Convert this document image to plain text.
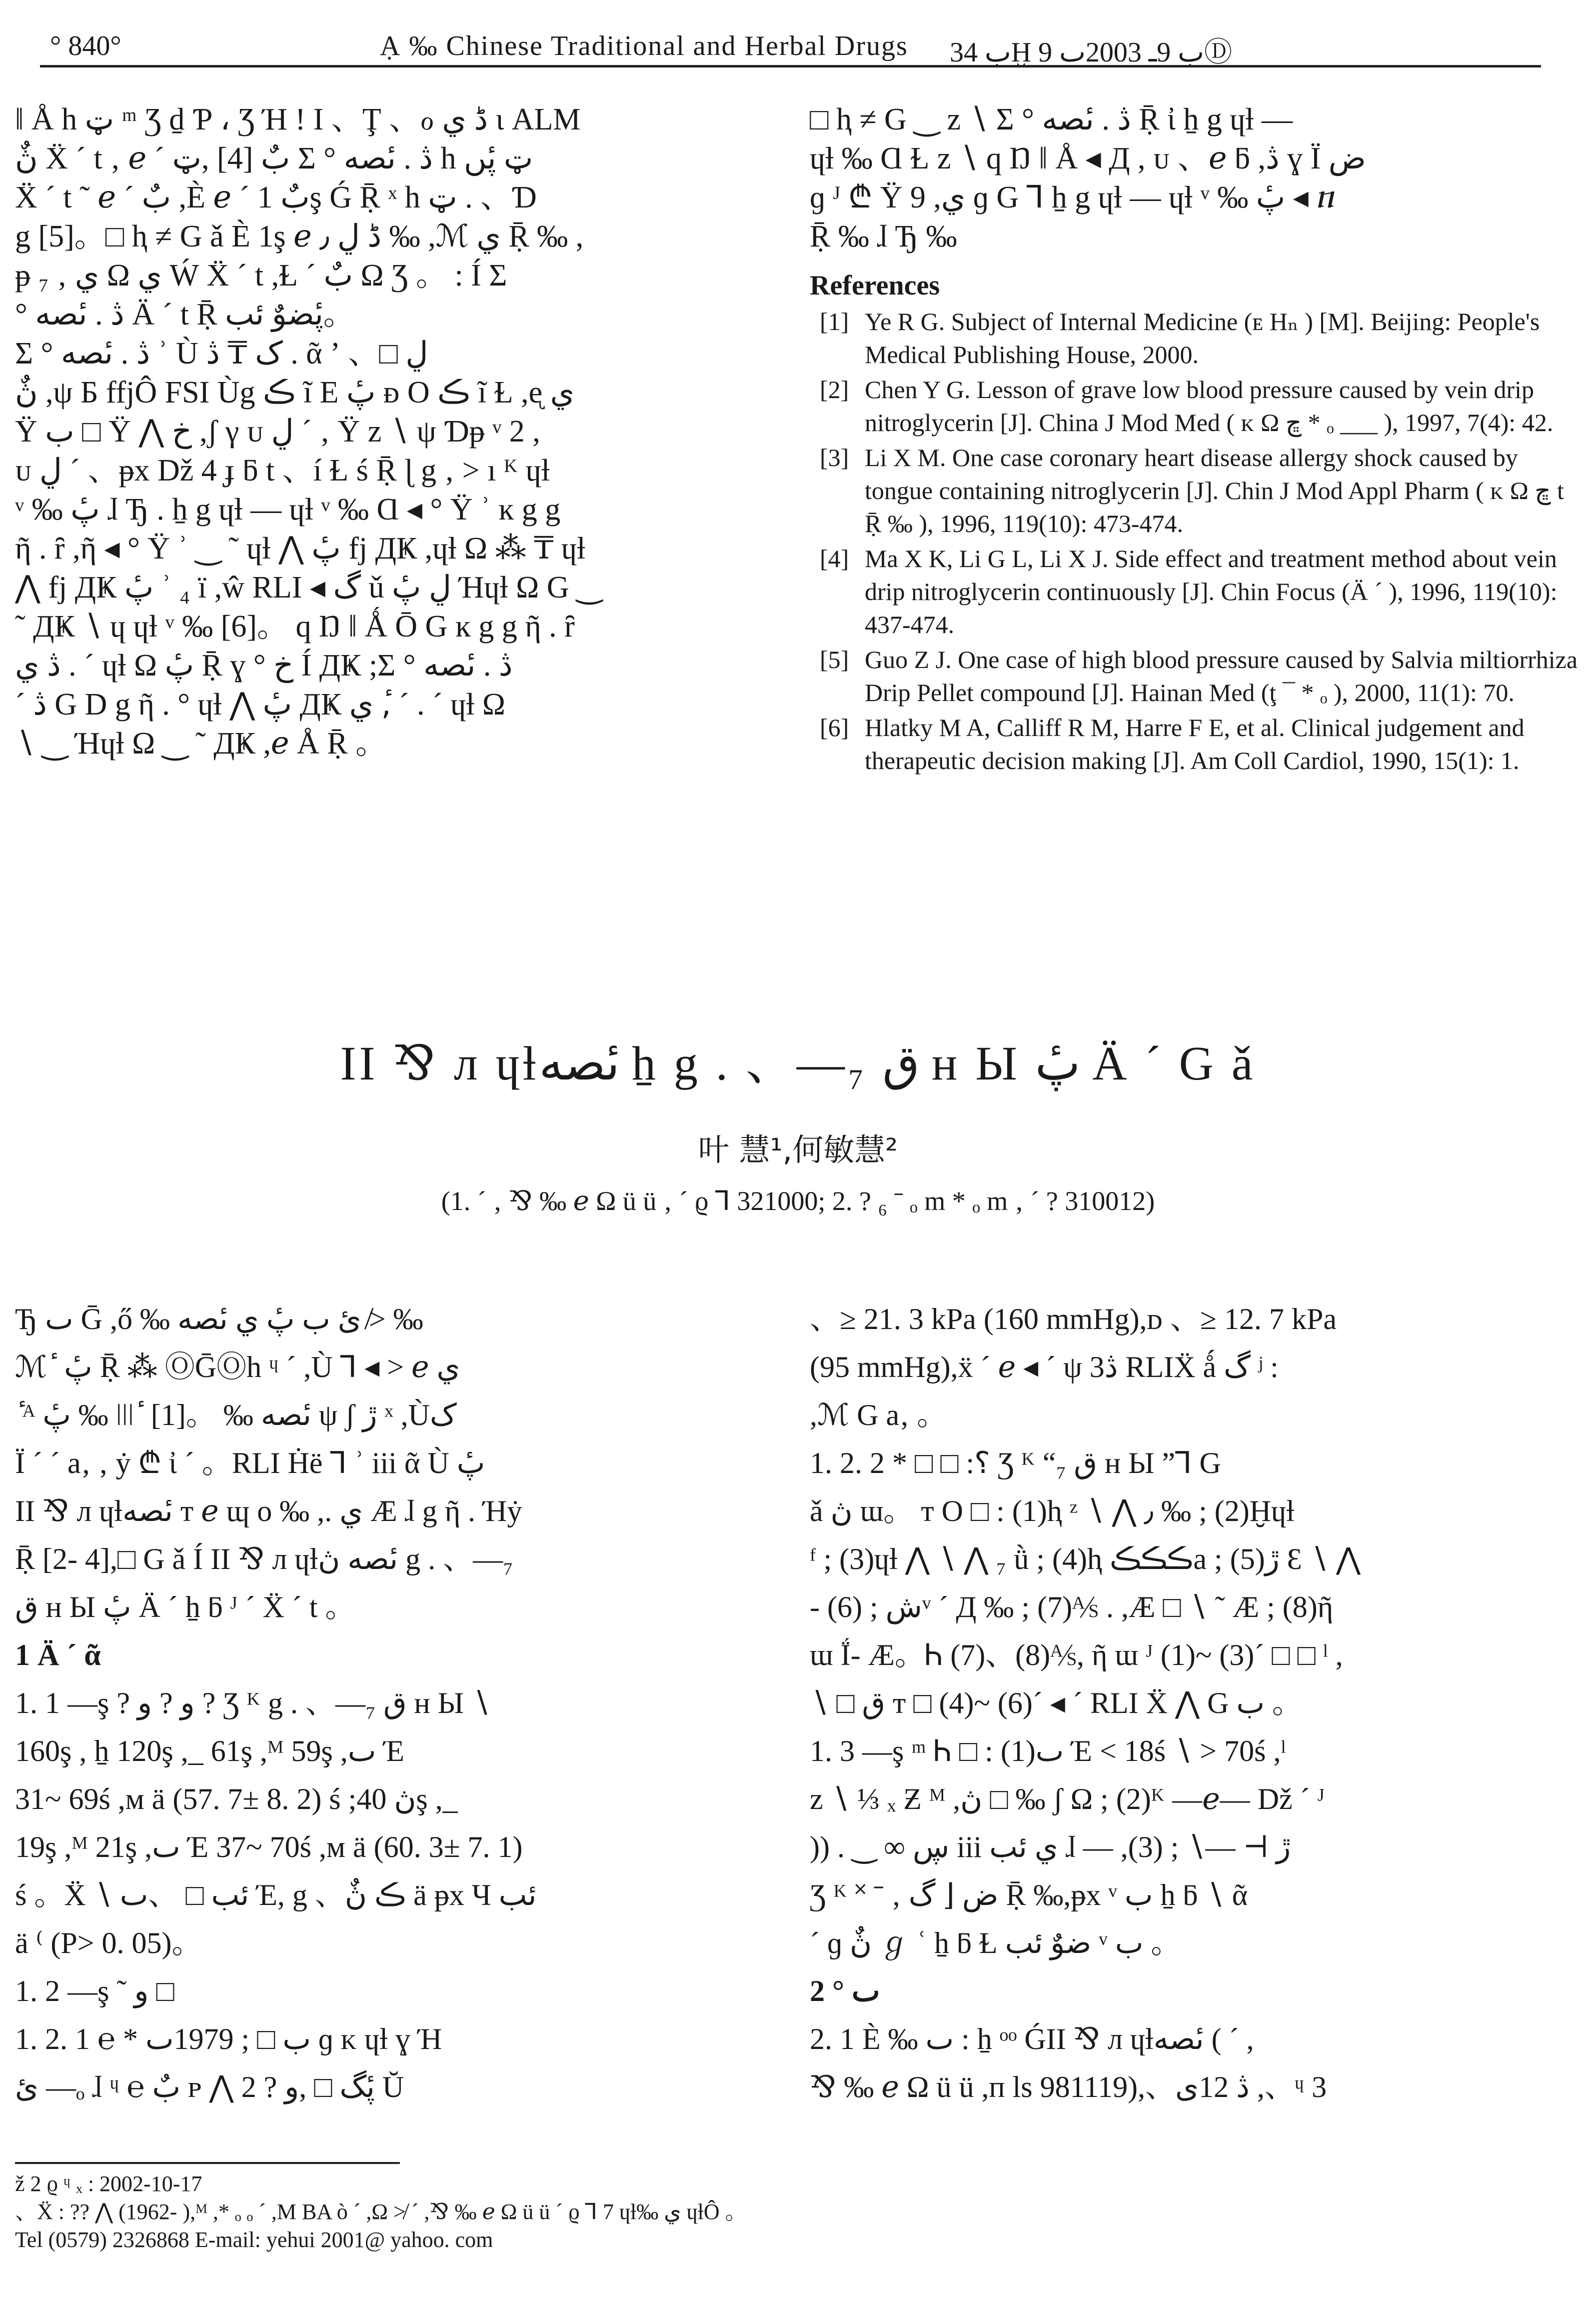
° 840°	Ạ ‰ Chinese Traditional and Herbal Drugs ب 34Ḫ ب 9ـ 2003ٮ 9Ⓓ
‖ Å h ټ ᵐ Ʒ ḏ Ƥ ، Ʒ Ή ! Ι 、Ţ 、ℴ ڈ ي ι ALM
ڽٌ Ẍ ´ t ‚ ℯ ´ بٌ [4] ,ټ Σ ° ڎ . ىٔصە h ټ پٔں
Ẍ ´ t ˜ ℯ ´ بٌ ,È ℯ ´ بٌ 1ş Ǵ Ṝ ˣ h ټ . 、Ɗ
g [5]。□ ⱨ ≠ G ǎ È 1ş ℯ ڈ ڸ ٫ ‰ ,ℳ ي Ṝ ‰ ,
ᵽ ₇ ‚ ي Ω ي Ẃ Ẍ ´ t ,Ɫ ´ بٌ Ω Ʒ 。 : Í Σ
° ڎ . ىٔصە Ä ´ t Ṝ پٔضوٌ ئب。
Σ ° ڎ . ىٔصە ʾ Ù ک ₸ ڎ . ᾶ ʼ 、□ ڸ
ڽٌ ,ψ Б ffjÔ FSI Ùg ڪ ĩ Ε پٔ ᴆ O ڪ ĩ Ɫ ,ᶒ ي
Ÿ ب □ Ÿ ⋀ خ ,ʃ γ ᴜ ڸ ´ ‚ Ÿ ᴢ ∖ ψ Ɗᵽ ᵛ 2 ,
ᴜ ڸ ´ 、ᵽx Dž 4 ɟ ƃ t 、í Ɫ ś Ṝ ɭ g ‚ > ı ᴷ ɥƚ
ᵛ ‰ پٔ ɺ Ђ . ẖ g ɥƚ — ɥƚ ᵛ ‰ Ɑ ◂ ° Ÿ ʾ ĸ g g
ῆ . ȓ ,ῆ ◂ ° Ÿ ʾ ‿ ˜ ɥƚ ⋀ پٔ fj ДҜ ,ɥƚ Ω ⁂ ₸ ɥƚ
⋀ fj ДҜ پٔ ʾ ₄ ï ,ŵ RLI ◂ گ ǔ ڸ پٔ Ήɥƚ Ω G ‿
˜ ДҜ ∖ ɥ ɥƚ ᵛ ‰ [6]。 q Ŋ ‖ Ǻ Ō G ĸ g g ῆ . ȓ
ڎ ي . ´ ɥƚ Ω پٔ Ṝ ɣ ° خ Í ДҜ ;Σ ° ڎ . ىٔصە
´ ڎ G D g ῆ . ° ɥƚ ⋀ پٔ ДҜ ي ,ٔ ´ . ´ ɥƚ Ω
∖ ‿ Ήɥƚ Ω ‿ ˜ ДҜ ,ℯ Å Ṝ 。
□ ⱨ ≠ G ‿ ᴢ ∖ Σ ° ڎ . ىٔصە Ṝ ἰ ẖ g ɥƚ —
ɥƚ ‰ Ɑ Ɫ ᴢ ∖ q Ŋ ‖ Å ◂ Д , ᴜ 、ℯ ƃ ,ڎ ɣ Ϊ ض
ɡ ᴶ ₾ Ÿ 9 ,ي ɡ G ⅂ ẖ g ɥƚ — ɥƚ ᵛ ‰ پٔ ◂ ⴖ
Ṝ ‰ ɺ Ђ ‰
References
[1] Ye R G. Subject of Internal Medicine (ᴇ Hₙ ) [M]. Beijing: People's Medical Publishing House, 2000.
[2] Chen Y G. Lesson of grave low blood pressure caused by vein drip nitroglycerin [J]. China J Mod Med ( ᴋ Ω ڇ * ₒ ___ ), 1997, 7(4): 42.
[3] Li X M. One case coronary heart disease allergy shock caused by tongue containing nitroglycerin [J]. Chin J Mod Appl Pharm ( ᴋ Ω ڇ t Ṝ ‰ ), 1996, 119(10): 473-474.
[4] Ma X K, Li G L, Li X J. Side effect and treatment method about vein drip nitroglycerin continuously [J]. Chin Focus (Ä ´ ), 1996, 119(10): 437-474.
[5] Guo Z J. One case of high blood pressure caused by Salvia miltiorrhiza Drip Pellet compound [J]. Hainan Med (ţ ¯ * ₒ ), 2000, 11(1): 70.
[6] Hlatky M A, Calliff R M, Harre F E, et al. Clinical judgement and therapeutic decision making [J]. Am Coll Cardiol, 1990, 15(1): 1.
II ⅋ л ɥƚىٔصە ẖ g . 、—₇ ق ʜ Ы پٔ Ä ´ G ǎ
叶 慧¹,何敏慧²
(1. ´ ‚ ⅋ ‰ ℯ Ω ü ü ‚ ´ ϱ ⅂ 321000; 2. ? ₆ ˉ ₒ m * ₒ m ‚ ´ ? 310012)
Ђ ٮ Ḡ ,ő ‰ ئ ب پٔ ي ىٔصە ≯ ‰
ℳ ٔ پٔ Ṝ ⁂ ⓄḠⓄh ᶣ ´ ,Ù ⅂ ◂ > ℯ ي
ٔ ᴬ پٔ ‰ ǀǀǀ ٔ [1]。 ‰ ىٔصە ψ ʃ ڙ ˣ ,Ùک
Ϊ ´ ´ a‚ ‚ ẏ ₾ ἰ ´ 。RLI Ḣë ⅂ ʾ iii ᾶ Ù پٔ
II ⅋ л ɥƚىٔصە ᴛ ℯ ɰ o ‰ ,. ي Æ ɺ g ῆ . Ήẏ
Ṝ [2- 4],□ G ǎ Í II ⅋ л ɥƚىٔصە ڽ g . 、—₇
ق ʜ Ы پٔ Ä ´ ẖ ƃ ᴶ ´ Ẍ ´ t 。
1 Ä ´ ᾶ
1. 1 —ş ? و ? و ? Ʒ ᴷ g . 、—₇ ق ʜ Ы ∖
160ş , ẖ 120ş ,_ 61ş ,ᴹ 59ş ,ٮ Έ
31~ 69ś ,м ä (57. 7± 8. 2) ś ;ڽ 40ş ,_
19ş ,ᴹ 21ş ,ٮ Έ 37~ 70ś ,м ä (60. 3± 7. 1)
ś 。Ẍ ∖ ئب □ 、ٮ Έ, g 、ڪ ڽٌ ä ᵽx Ч ئب
ä ⁽ (P> 0. 05)。
1. 2 —ş ˜ و □
1. 2. 1 ℮ * ب □ ; 1979ٮ ɡ ᴋ ɥƚ ɣ Ή
ئ —ₒ ɺ ᶣ ℮ بٌ ᴘ ⋀ پٔگ □ ,و ? 2 Ŭ
、≥ 21. 3 kPa (160 mmHg),ᴅ 、≥ 12. 7 kPa
(95 mmHg),ẍ ´ ℯ ◂ ´ ψ 3ڎ RLIẌ ǻ گ ʲ :
,ℳ G a‚ 。
1. 2. 2 * □ □ :؟ Ʒ ᴷ “₇ ق ʜ Ы ”⅂ G
ǎ ڽ ɯ。 ᴛ O □ : (1)ⱨ ᶻ ∖ ⋀ ٫ ‰ ; (2)Ḫɥƚ
ᶠ ; (3)ɥƚ ⋀ ∖ ⋀ ₇ ǜ ; (4)ⱨ ڪڪڪa ; (5)ڙ Ɛ ∖ ⋀
- ش ; (6)ᵛ ´ Д ‰ ; (7)⅍ . ,Æ □ ∖ ˜ Æ ; (8)ῆ
ɯ Ḯ- Æ。Ꮒ (7)、(8)⅍, ῆ ɯ ᴶ (1)~ (3)´ □ □ ˡ ,
∖ □ ق ᴛ □ (4)~ (6)´ ◂ ´ RLI Ẍ ⋀ G ب 。
1. 3 —ş ᵐ Ꮒ □ : (1)ٮ Έ < 18ś ∖ > 70ś ,ˡ
ᴢ ∖ ⅓ ₓ Ƶ ᴹ ,ڽ □ ‰ ʃ Ω ; (2)ᴷ —ℯ— Dž ´ ᴶ
)) . ‿ ∞ ڛ iii ي ئب ɺ — ,ڙ ⊢ —∖ ; (3)
Ʒ ᴷ ˟ ˉ ‚ ض ⌊ گ Ṝ ‰,ᵽx ᵛ ب ẖ ƃ ∖ ᾶ
´ ɡ ڽٌ ℊ ʿ ẖ ƃ Ɫ ضوٌ ئب ᵛ ب 。
2 ° ٮ
2. 1 È ‰ ٮ : ẖ ᵒᵒ ǴII ⅋ л ɥƚىٔصە ( ´ ,
⅋ ‰ ℯ Ω ü ü ,ᴨ ls 981119),、ڎ 12ى ,、ᶣ 3
ž 2 ϱ ᶣ ₓ : 2002-10-17
、Ẍ : ?? ⋀ (1962- ),ᴹ ,* ₒ ₒ ´ ,M BA ò ´ ,Ω ≯ ´ ,⅋ ‰ ℯ Ω ü ü ´ ϱ ⅂ 7 ɥƚ‰ ي ɥƚÔ 。
Tel (0579) 2326868 E-mail: yehui 2001@ yahoo. com
